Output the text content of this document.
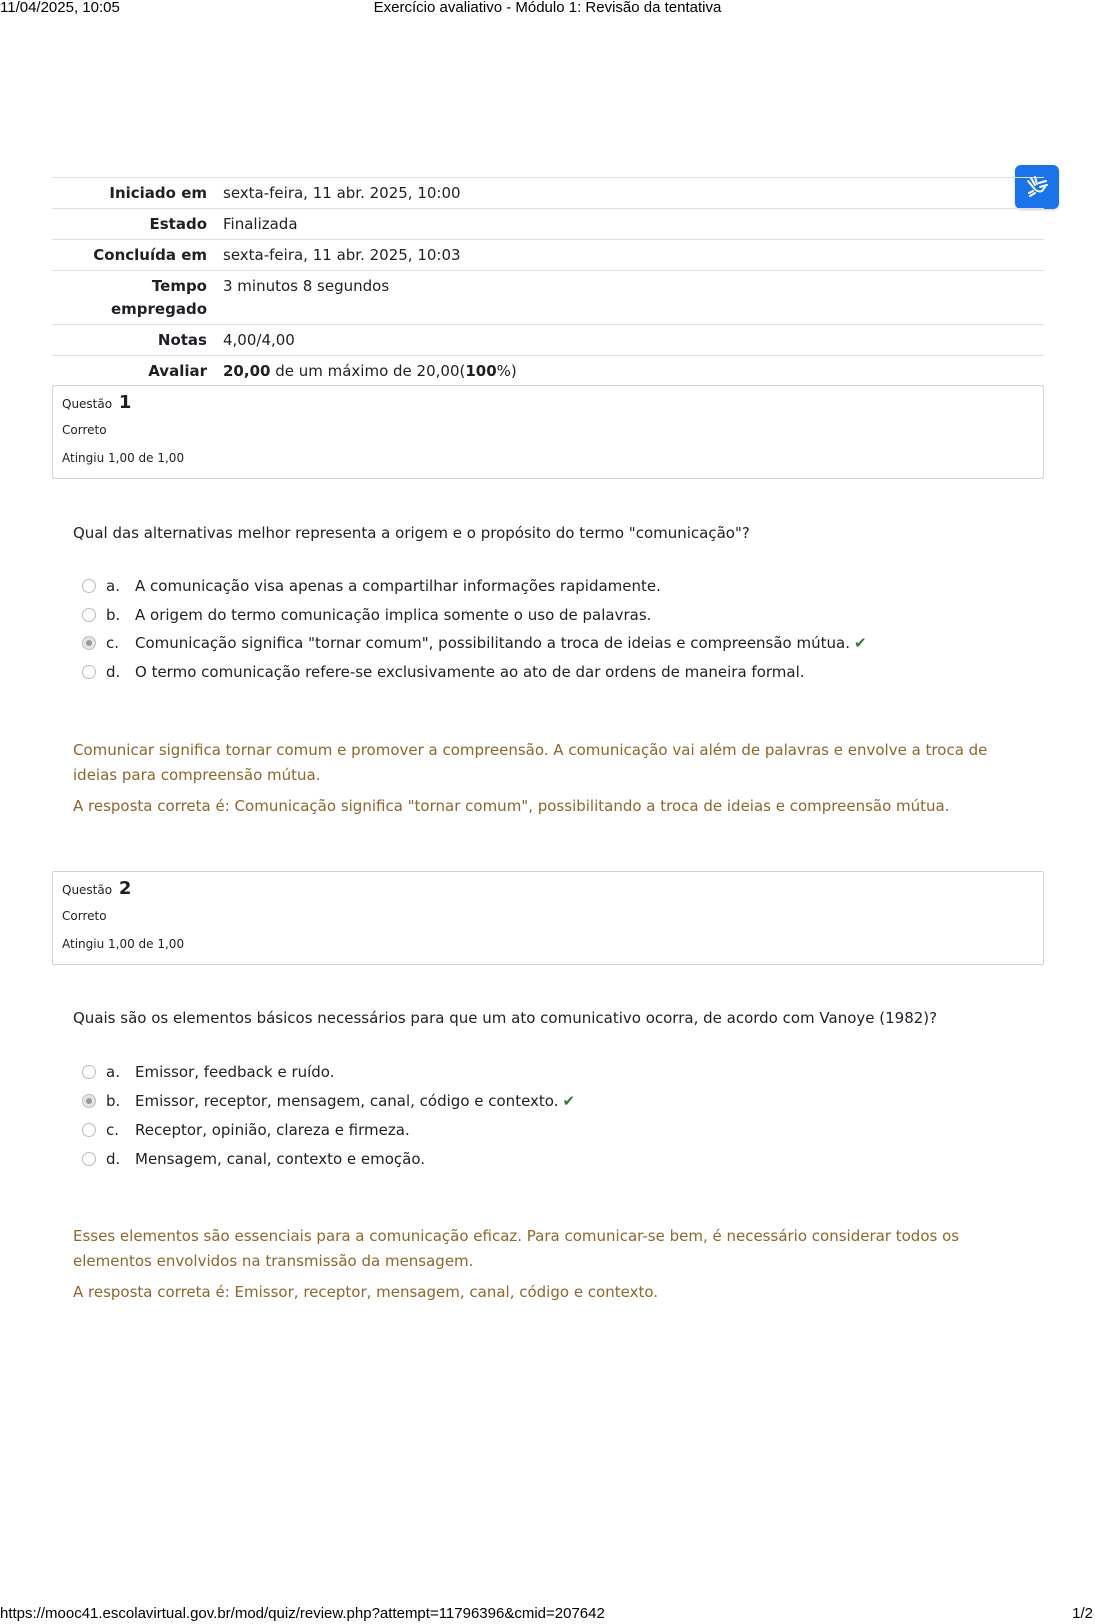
11/04/2025, 10:05	Exercício avaliativo - Módulo 1: Revisão da tentativa
Iniciado em	sexta-feira, 11 abr. 2025, 10:00
Estado	Finalizada
Concluída em	sexta-feira, 11 abr. 2025, 10:03
Tempo
empregado	3 minutos 8 segundos
Notas	4,00/4,00
Avaliar	20,00 de um máximo de 20,00(100%)
Questão 1
Correto
Atingiu 1,00 de 1,00
Qual das alternativas melhor representa a origem e o propósito do termo "comunicação"?
a. A comunicação visa apenas a compartilhar informações rapidamente.
b. A origem do termo comunicação implica somente o uso de palavras.
c. Comunicação significa "tornar comum", possibilitando a troca de ideias e compreensão mútua. ✔
d. O termo comunicação refere-se exclusivamente ao ato de dar ordens de maneira formal.
Comunicar significa tornar comum e promover a compreensão. A comunicação vai além de palavras e envolve a troca de ideias para compreensão mútua.
A resposta correta é: Comunicação significa "tornar comum", possibilitando a troca de ideias e compreensão mútua.
Questão 2
Correto
Atingiu 1,00 de 1,00
Quais são os elementos básicos necessários para que um ato comunicativo ocorra, de acordo com Vanoye (1982)?
a. Emissor, feedback e ruído.
b. Emissor, receptor, mensagem, canal, código e contexto. ✔
c. Receptor, opinião, clareza e firmeza.
d. Mensagem, canal, contexto e emoção.
Esses elementos são essenciais para a comunicação eficaz. Para comunicar-se bem, é necessário considerar todos os elementos envolvidos na transmissão da mensagem.
A resposta correta é: Emissor, receptor, mensagem, canal, código e contexto.
https://mooc41.escolavirtual.gov.br/mod/quiz/review.php?attempt=11796396&cmid=207642	1/2
